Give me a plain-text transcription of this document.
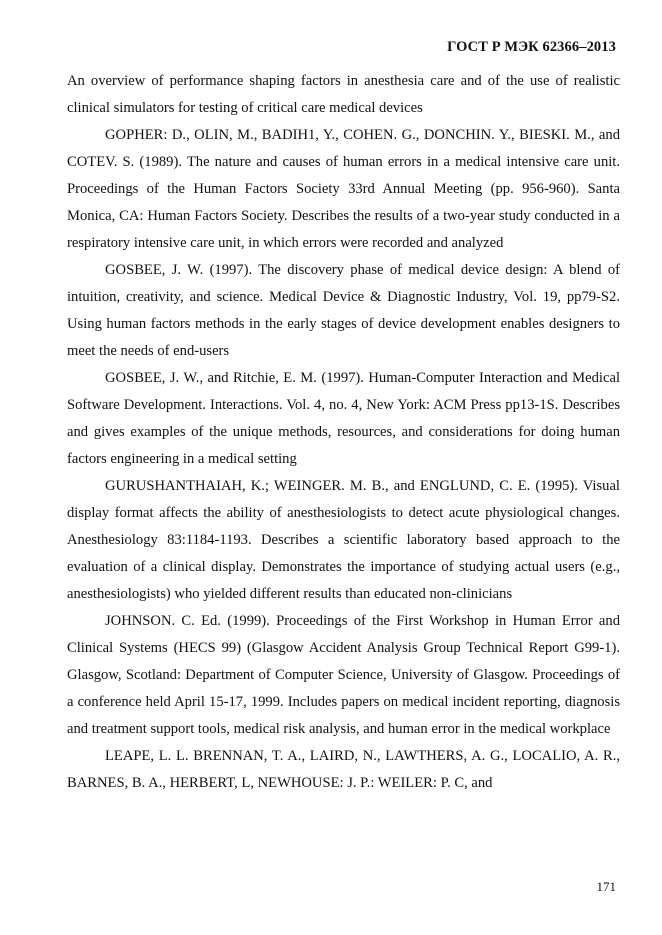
ГОСТ Р МЭК 62366–2013

An overview of performance shaping factors in anesthesia care and of the use of realistic clinical simulators for testing of critical care medical devices

GOPHER: D., OLIN, M., BADIH1, Y., COHEN. G., DONCHIN. Y., BIESKI. M., and COTEV. S. (1989). The nature and causes of human errors in a medical intensive care unit. Proceedings of the Human Factors Society 33rd Annual Meeting (pp. 956-960). Santa Monica, CA: Human Factors Society. Describes the results of a two-year study conducted in a respiratory intensive care unit, in which errors were recorded and analyzed

GOSBEE, J. W. (1997). The discovery phase of medical device design: A blend of intuition, creativity, and science. Medical Device & Diagnostic Industry, Vol. 19, pp79-S2. Using human factors methods in the early stages of device development enables designers to meet the needs of end-users

GOSBEE, J. W., and Ritchie, E. M. (1997). Human-Computer Interaction and Medical Software Development. Interactions. Vol. 4, no. 4, New York: ACM Press pp13-1S. Describes and gives examples of the unique methods, resources, and considerations for doing human factors engineering in a medical setting

GURUSHANTHAIAH, K.; WEINGER. M. B., and ENGLUND, C. E. (1995). Visual display format affects the ability of anesthesiologists to detect acute physiological changes. Anesthesiology 83:1184-1193. Describes a scientific laboratory based approach to the evaluation of a clinical display. Demonstrates the importance of studying actual users (e.g., anesthesiologists) who yielded different results than educated non-clinicians

JOHNSON. C. Ed. (1999). Proceedings of the First Workshop in Human Error and Clinical Systems (HECS 99) (Glasgow Accident Analysis Group Technical Report G99-1). Glasgow, Scotland: Department of Computer Science, University of Glasgow. Proceedings of a conference held April 15-17, 1999. Includes papers on medical incident reporting, diagnosis and treatment support tools, medical risk analysis, and human error in the medical workplace

LEAPE, L. L. BRENNAN, T. A., LAIRD, N., LAWTHERS, A. G., LOCALIO, A. R., BARNES, B. A., HERBERT, L, NEWHOUSE: J. P.: WEILER: P. C, and

171
